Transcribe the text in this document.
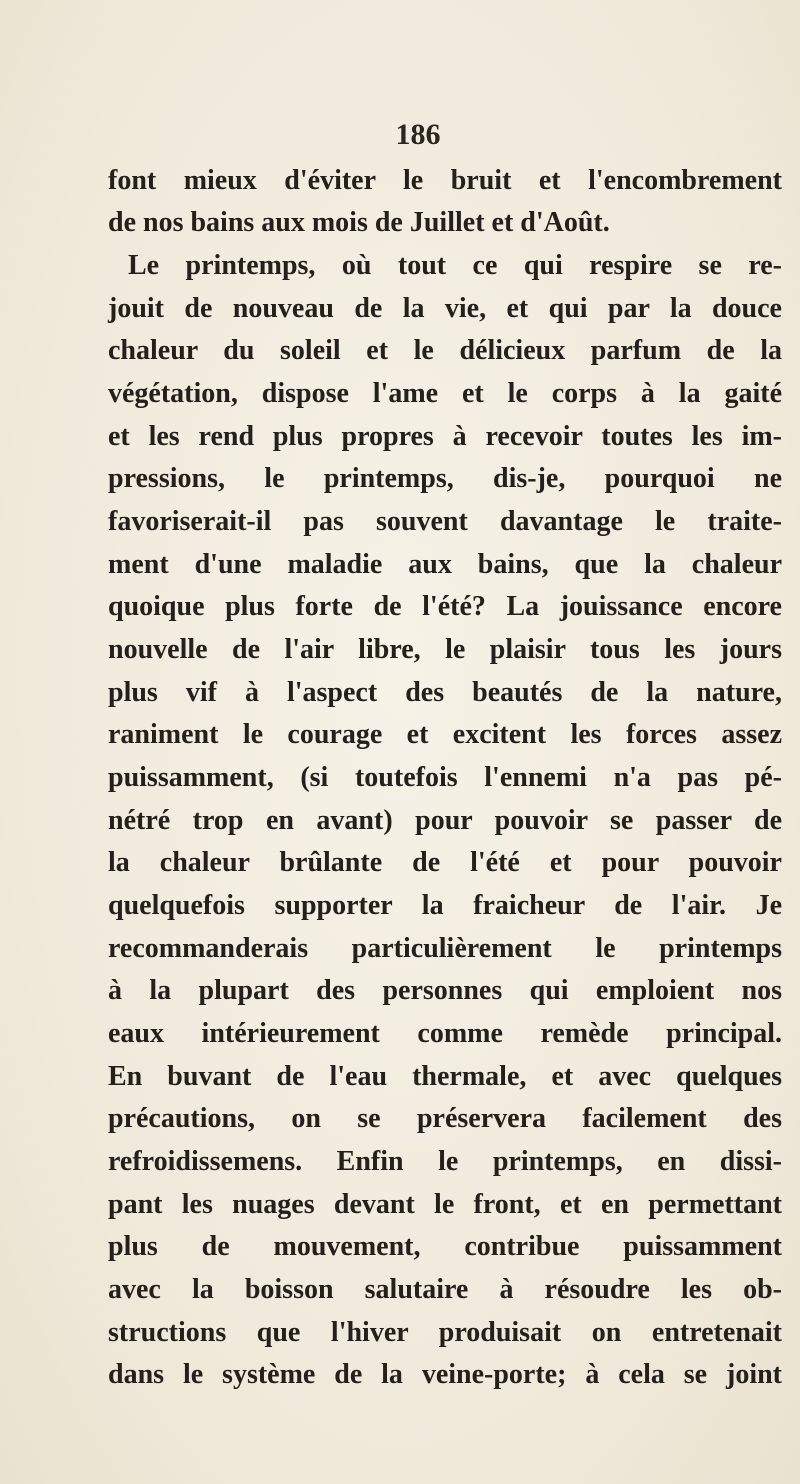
186
font mieux d'éviter le bruit et l'encombrement
de nos bains aux mois de Juillet et d'Août.
Le printemps, où tout ce qui respire se re-
jouit de nouveau de la vie, et qui par la douce
chaleur du soleil et le délicieux parfum de la
végétation, dispose l'ame et le corps à la gaité
et les rend plus propres à recevoir toutes les im-
pressions, le printemps, dis-je, pourquoi ne
favoriserait-il pas souvent davantage le traite-
ment d'une maladie aux bains, que la chaleur
quoique plus forte de l'été? La jouissance encore
nouvelle de l'air libre, le plaisir tous les jours
plus vif à l'aspect des beautés de la nature,
raniment le courage et excitent les forces assez
puissamment, (si toutefois l'ennemi n'a pas pé-
nétré trop en avant) pour pouvoir se passer de
la chaleur brûlante de l'été et pour pouvoir
quelquefois supporter la fraicheur de l'air. Je
recommanderais particulièrement le printemps
à la plupart des personnes qui emploient nos
eaux intérieurement comme remède principal.
En buvant de l'eau thermale, et avec quelques
précautions, on se préservera facilement des
refroidissemens. Enfin le printemps, en dissi-
pant les nuages devant le front, et en permettant
plus de mouvement, contribue puissamment
avec la boisson salutaire à résoudre les ob-
structions que l'hiver produisait on entretenait
dans le système de la veine-porte; à cela se joint
